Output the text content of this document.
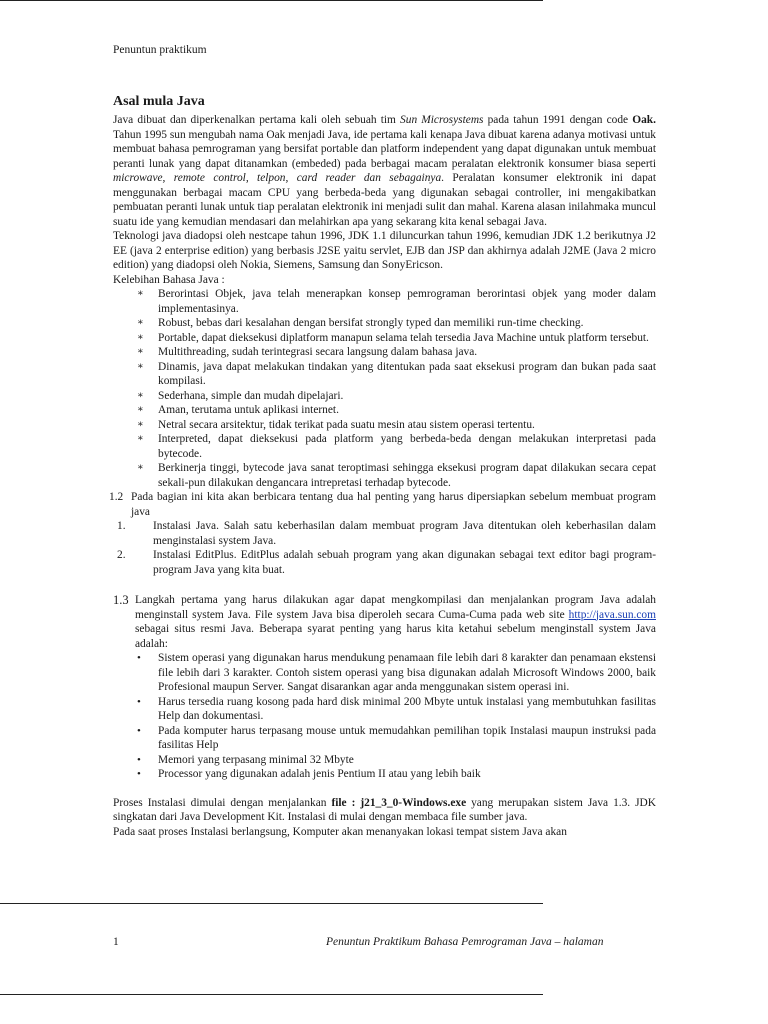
Penuntun praktikum
Asal mula Java

Java dibuat dan diperkenalkan pertama kali oleh sebuah tim Sun Microsystems pada tahun 1991 dengan code Oak. Tahun 1995 sun mengubah nama Oak menjadi Java, ide pertama kali kenapa Java dibuat karena adanya motivasi untuk membuat bahasa pemrograman yang bersifat portable dan platform independent yang dapat digunakan untuk membuat peranti lunak yang dapat ditanamkan (embeded) pada berbagai macam peralatan elektronik konsumer biasa seperti microwave, remote control, telpon, card reader dan sebagainya. Peralatan konsumer elektronik ini dapat menggunakan berbagai macam CPU yang berbeda-beda yang digunakan sebagai controller, ini mengakibatkan pembuatan peranti lunak untuk tiap peralatan elektronik ini menjadi sulit dan mahal. Karena alasan inilahmaka muncul suatu ide yang kemudian mendasari dan melahirkan apa yang sekarang kita kenal sebagai Java.

Teknologi java diadopsi oleh nestcape tahun 1996, JDK 1.1 diluncurkan tahun 1996, kemudian JDK 1.2 berikutnya J2 EE (java 2 enterprise edition) yang berbasis J2SE yaitu servlet, EJB dan JSP dan akhirnya adalah J2ME (Java 2 micro edition) yang diadopsi oleh Nokia, Siemens, Samsung dan SonyEricson.

Kelebihan Bahasa Java :

∗ Berorintasi Objek, java telah menerapkan konsep pemrograman berorintasi objek yang moder dalam implementasinya.
∗ Robust, bebas dari kesalahan dengan bersifat strongly typed dan memiliki run-time checking.
∗ Portable, dapat dieksekusi diplatform manapun selama telah tersedia Java Machine untuk platform tersebut.
∗ Multithreading, sudah terintegrasi secara langsung dalam bahasa java.
∗ Dinamis, java dapat melakukan tindakan yang ditentukan pada saat eksekusi program dan bukan pada saat kompilasi.
∗ Sederhana, simple dan mudah dipelajari.
∗ Aman, terutama untuk aplikasi internet.
∗ Netral secara arsitektur, tidak terikat pada suatu mesin atau sistem operasi tertentu.
∗ Interpreted, dapat dieksekusi pada platform yang berbeda-beda dengan melakukan interpretasi pada bytecode.
∗ Berkinerja tinggi, bytecode java sanat teroptimasi sehingga eksekusi program dapat dilakukan secara cepat sekali-pun dilakukan dengancara intrepretasi terhadap bytecode.
1.2 Pada bagian ini kita akan berbicara tentang dua hal penting yang harus dipersiapkan sebelum membuat program java
1. Instalasi Java. Salah satu keberhasilan dalam membuat program Java ditentukan oleh keberhasilan dalam menginstalasi system Java.
2. Instalasi EditPlus. EditPlus adalah sebuah program yang akan digunakan sebagai text editor bagi program-program Java yang kita buat.
1.3 Langkah pertama yang harus dilakukan agar dapat mengkompilasi dan menjalankan program Java adalah menginstall system Java. File system Java bisa diperoleh secara Cuma-Cuma pada web site http://java.sun.com sebagai situs resmi Java. Beberapa syarat penting yang harus kita ketahui sebelum menginstall system Java adalah:
• Sistem operasi yang digunakan harus mendukung penamaan file lebih dari 8 karakter dan penamaan ekstensi file lebih dari 3 karakter. Contoh sistem operasi yang bisa digunakan adalah Microsoft Windows 2000, baik Profesional maupun Server. Sangat disarankan agar anda menggunakan sistem operasi ini.
• Harus tersedia ruang kosong pada hard disk minimal 200 Mbyte untuk instalasi yang membutuhkan fasilitas Help dan dokumentasi.
• Pada komputer harus terpasang mouse untuk memudahkan pemilihan topik Instalasi maupun instruksi pada fasilitas Help
• Memori yang terpasang minimal 32 Mbyte
• Processor yang digunakan adalah jenis Pentium II atau yang lebih baik

Proses Instalasi dimulai dengan menjalankan file : j21_3_0-Windows.exe yang merupakan sistem Java 1.3. JDK singkatan dari Java Development Kit. Instalasi di mulai dengan membaca file sumber java.

Pada saat proses Instalasi berlangsung, Komputer akan menanyakan lokasi tempat sistem Java akan

1	Penuntun Praktikum Bahasa Pemrograman Java – halaman
